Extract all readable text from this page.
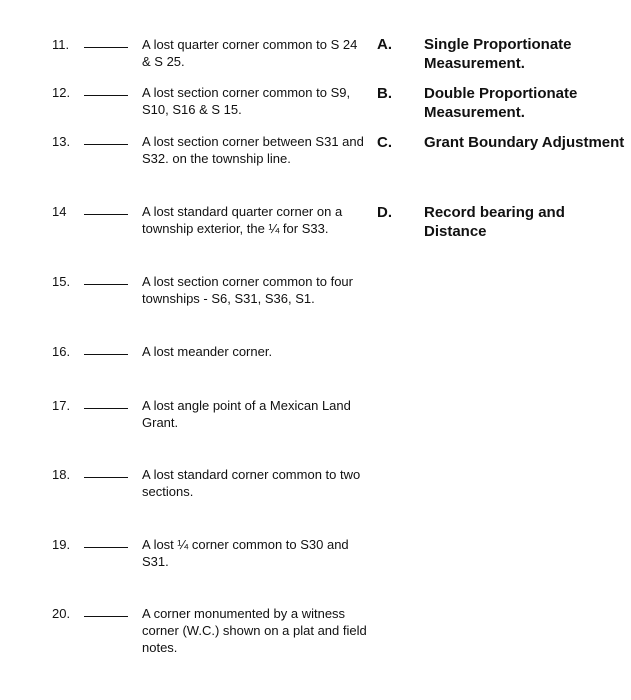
11.	A lost quarter corner common to S 24 & S 25.
12.	A lost section corner common to S9, S10, S16 & S 15.
13.	A lost section corner between S31 and S32. on the township line.
14	A lost standard quarter corner on a township exterior, the ¼ for S33.
15.	A lost section corner common to four townships - S6, S31, S36, S1.
16.	A lost meander corner.
17.	A lost angle point of a Mexican Land Grant.
18.	A lost standard corner common to two sections.
19.	A lost ¼ corner common to S30 and S31.
20.	A corner monumented by a witness corner (W.C.) shown on a plat and field notes.
A. Single Proportionate Measurement.
B. Double Proportionate Measurement.
C. Grant Boundary Adjustment
D. Record bearing and Distance
